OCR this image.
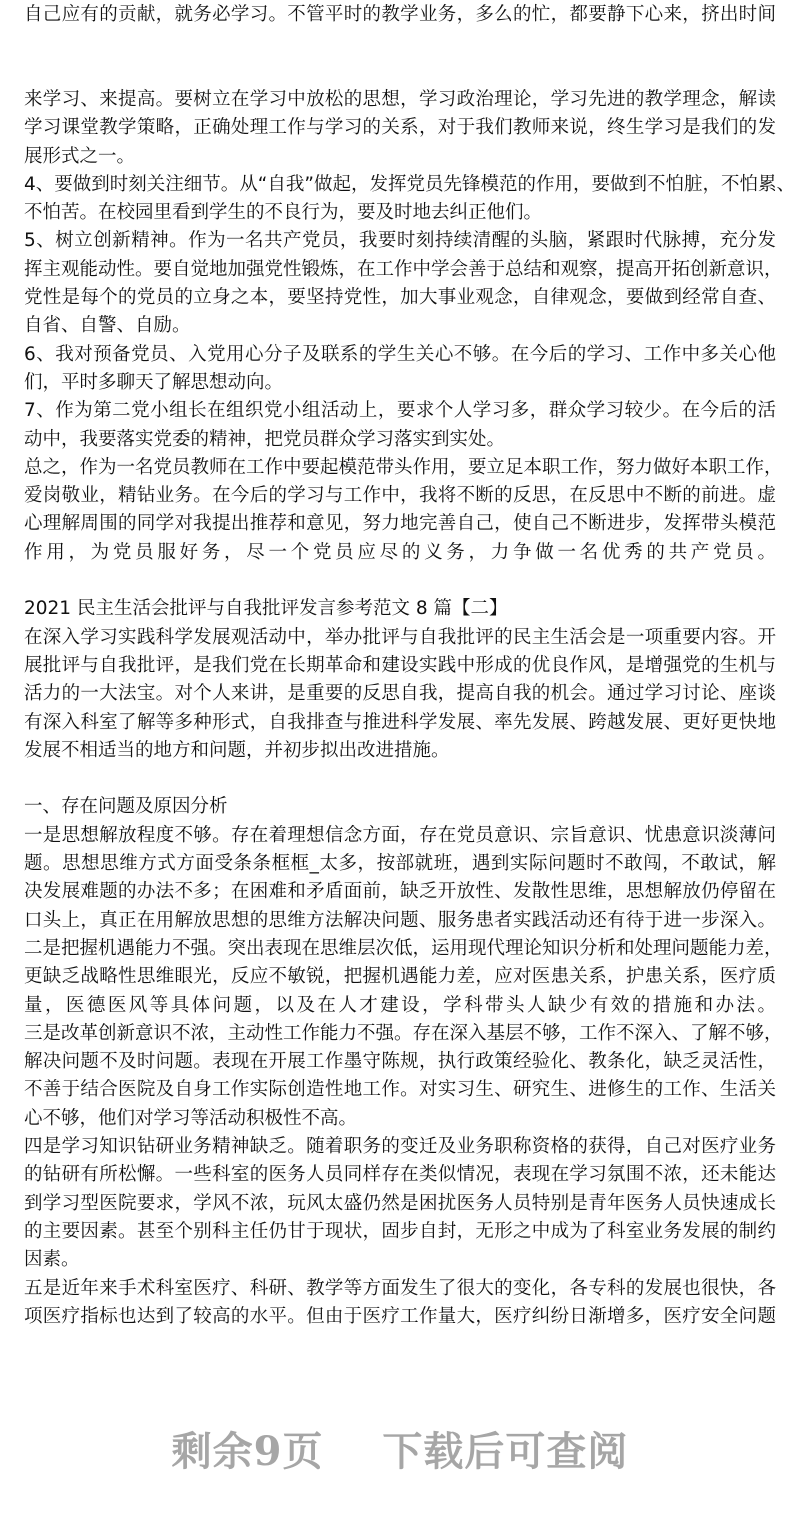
自己应有的贡献，就务必学习。不管平时的教学业务，多么的忙，都要静下心来，挤出时间
来学习、来提高。要树立在学习中放松的思想，学习政治理论，学习先进的教学理念，解读
学习课堂教学策略，正确处理工作与学习的关系，对于我们教师来说，终生学习是我们的发
展形式之一。
4、要做到时刻关注细节。从“自我”做起，发挥党员先锋模范的作用，要做到不怕脏，不怕累、
不怕苦。在校园里看到学生的不良行为，要及时地去纠正他们。
5、树立创新精神。作为一名共产党员，我要时刻持续清醒的头脑，紧跟时代脉搏，充分发
挥主观能动性。要自觉地加强党性锻炼，在工作中学会善于总结和观察，提高开拓创新意识，
党性是每个的党员的立身之本，要坚持党性，加大事业观念，自律观念，要做到经常自查、
自省、自警、自励。
6、我对预备党员、入党用心分子及联系的学生关心不够。在今后的学习、工作中多关心他
们，平时多聊天了解思想动向。
7、作为第二党小组长在组织党小组活动上，要求个人学习多，群众学习较少。在今后的活
动中，我要落实党委的精神，把党员群众学习落实到实处。
总之，作为一名党员教师在工作中要起模范带头作用，要立足本职工作，努力做好本职工作，
爱岗敬业，精钻业务。在今后的学习与工作中，我将不断的反思，在反思中不断的前进。虚
心理解周围的同学对我提出推荐和意见，努力地完善自己，使自己不断进步，发挥带头模范
作用，为党员服好务，尽一个党员应尽的义务，力争做一名优秀的共产党员。
2021 民主生活会批评与自我批评发言参考范文 8 篇【二】
在深入学习实践科学发展观活动中，举办批评与自我批评的民主生活会是一项重要内容。开
展批评与自我批评，是我们党在长期革命和建设实践中形成的优良作风，是增强党的生机与
活力的一大法宝。对个人来讲，是重要的反思自我，提高自我的机会。通过学习讨论、座谈
有深入科室了解等多种形式，自我排查与推进科学发展、率先发展、跨越发展、更好更快地
发展不相适当的地方和问题，并初步拟出改进措施。
一、存在问题及原因分析
一是思想解放程度不够。存在着理想信念方面，存在党员意识、宗旨意识、忧患意识淡薄问
题。思想思维方式方面受条条框框_太多，按部就班，遇到实际问题时不敢闯，不敢试，解
决发展难题的办法不多；在困难和矛盾面前，缺乏开放性、发散性思维，思想解放仍停留在
口头上，真正在用解放思想的思维方法解决问题、服务患者实践活动还有待于进一步深入。
二是把握机遇能力不强。突出表现在思维层次低，运用现代理论知识分析和处理问题能力差，
更缺乏战略性思维眼光，反应不敏锐，把握机遇能力差，应对医患关系，护患关系，医疗质
量，医德医风等具体问题，以及在人才建设，学科带头人缺少有效的措施和办法。
三是改革创新意识不浓，主动性工作能力不强。存在深入基层不够，工作不深入、了解不够，
解决问题不及时问题。表现在开展工作墨守陈规，执行政策经验化、教条化，缺乏灵活性，
不善于结合医院及自身工作实际创造性地工作。对实习生、研究生、进修生的工作、生活关
心不够，他们对学习等活动积极性不高。
四是学习知识钻研业务精神缺乏。随着职务的变迁及业务职称资格的获得，自己对医疗业务
的钻研有所松懈。一些科室的医务人员同样存在类似情况，表现在学习氛围不浓，还未能达
到学习型医院要求，学风不浓，玩风太盛仍然是困扰医务人员特别是青年医务人员快速成长
的主要因素。甚至个别科主任仍甘于现状，固步自封，无形之中成为了科室业务发展的制约
因素。
五是近年来手术科室医疗、科研、教学等方面发生了很大的变化，各专科的发展也很快，各
项医疗指标也达到了较高的水平。但由于医疗工作量大，医疗纠纷日渐增多，医疗安全问题
剩余9页 下载后可查阅
